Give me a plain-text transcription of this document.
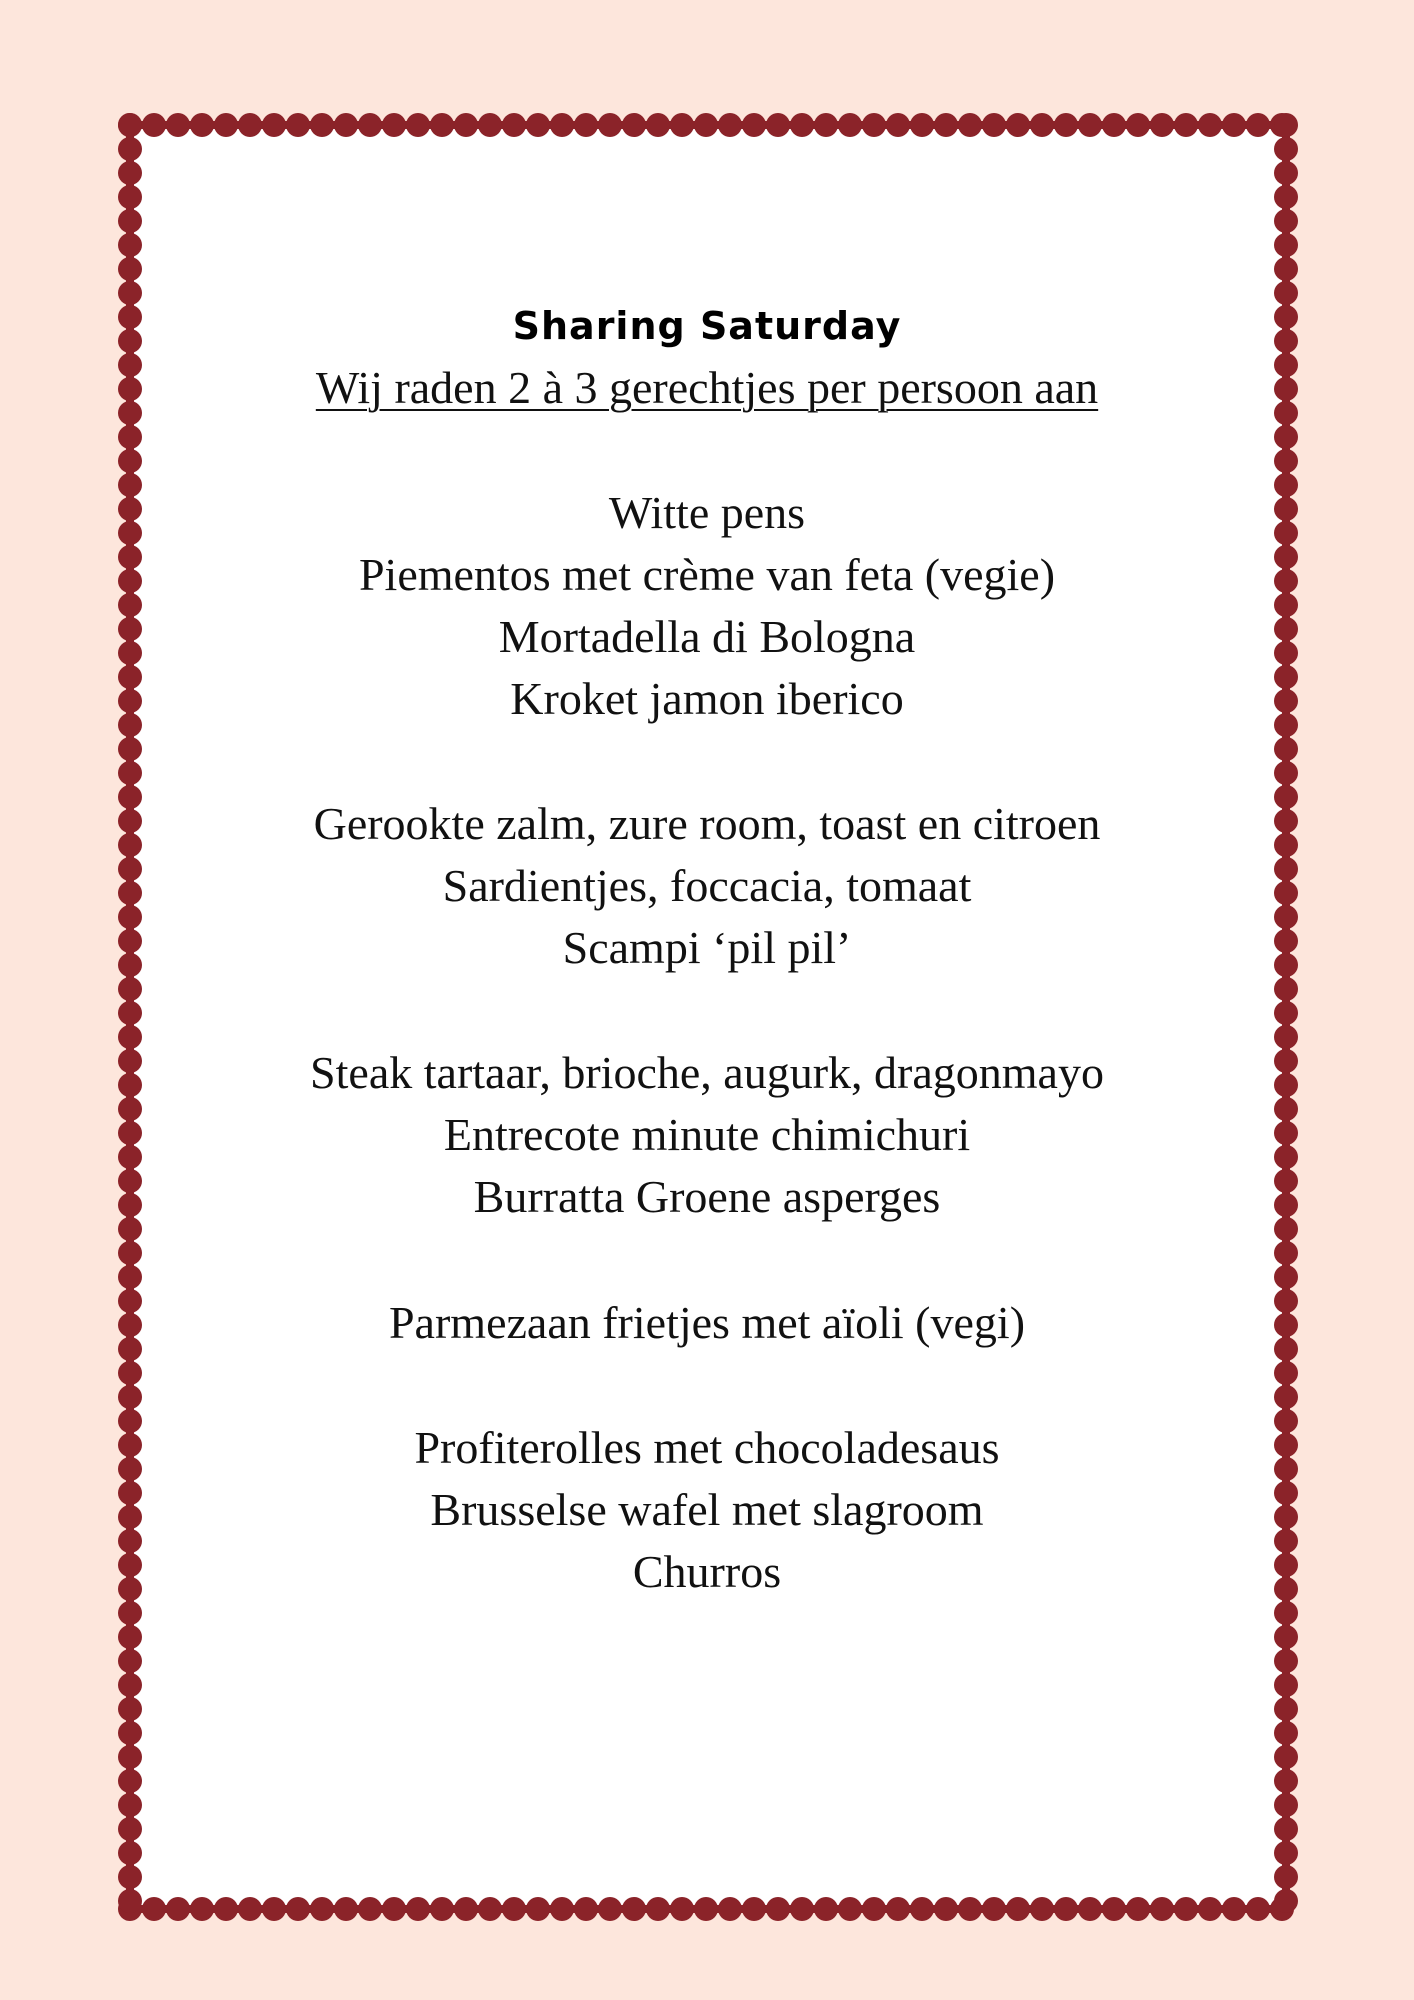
Sharing Saturday

Wij raden 2 à 3 gerechtjes per persoon aan

Witte pens
Piementos met crème van feta (vegie)
Mortadella di Bologna
Kroket jamon iberico
Gerookte zalm, zure room, toast en citroen
Sardientjes, foccacia, tomaat
Scampi ‘pil pil’
Steak tartaar, brioche, augurk, dragonmayo
Entrecote minute chimichuri
Burratta Groene asperges
Parmezaan frietjes met aïoli (vegi)
Profiterolles met chocoladesaus
Brusselse wafel met slagroom
Churros
